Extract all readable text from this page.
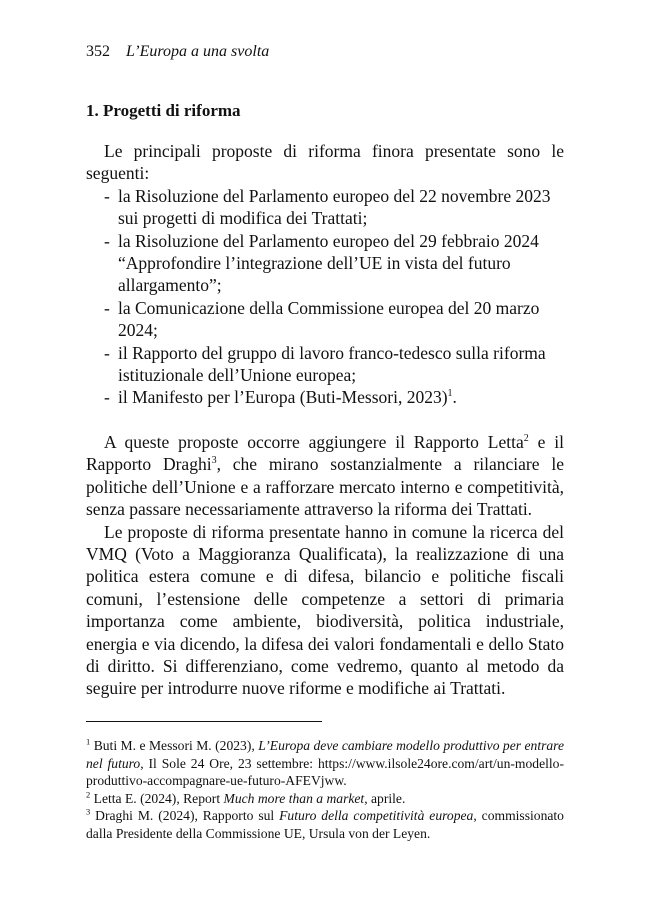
352 L’Europa a una svolta
1. Progetti di riforma

Le principali proposte di riforma finora presentate sono le seguenti:

- la Risoluzione del Parlamento europeo del 22 novembre 2023 sui progetti di modifica dei Trattati;
- la Risoluzione del Parlamento europeo del 29 febbraio 2024 “Approfondire l’integrazione dell’UE in vista del futuro allargamento”;
- la Comunicazione della Commissione europea del 20 marzo 2024;
- il Rapporto del gruppo di lavoro franco-tedesco sulla riforma istituzionale dell’Unione europea;
- il Manifesto per l’Europa (Buti-Messori, 2023)$^1$.

A queste proposte occorre aggiungere il Rapporto Letta$^2$ e il Rapporto Draghi$^3$, che mirano sostanzialmente a rilanciare le politiche dell’Unione e a rafforzare mercato interno e competitività, senza passare necessariamente attraverso la riforma dei Trattati.

Le proposte di riforma presentate hanno in comune la ricerca del VMQ (Voto a Maggioranza Qualificata), la realizzazione di una politica estera comune e di difesa, bilancio e politiche fiscali comuni, l’estensione delle competenze a settori di primaria importanza come ambiente, biodiversità, politica industriale, energia e via dicendo, la difesa dei valori fondamentali e dello Stato di diritto. Si differenziano, come vedremo, quanto al metodo da seguire per introdurre nuove riforme e modifiche ai Trattati.

$^1$ Buti M. e Messori M. (2023), L’Europa deve cambiare modello produttivo per entrare nel futuro, Il Sole 24 Ore, 23 settembre: https://www.ilsole24ore.com/art/un-modello-produttivo-accompagnare-ue-futuro-AFEVjww.

$^2$ Letta E. (2024), Report Much more than a market, aprile.

$^3$ Draghi M. (2024), Rapporto sul Futuro della competitività europea, commissionato dalla Presidente della Commissione UE, Ursula von der Leyen.
